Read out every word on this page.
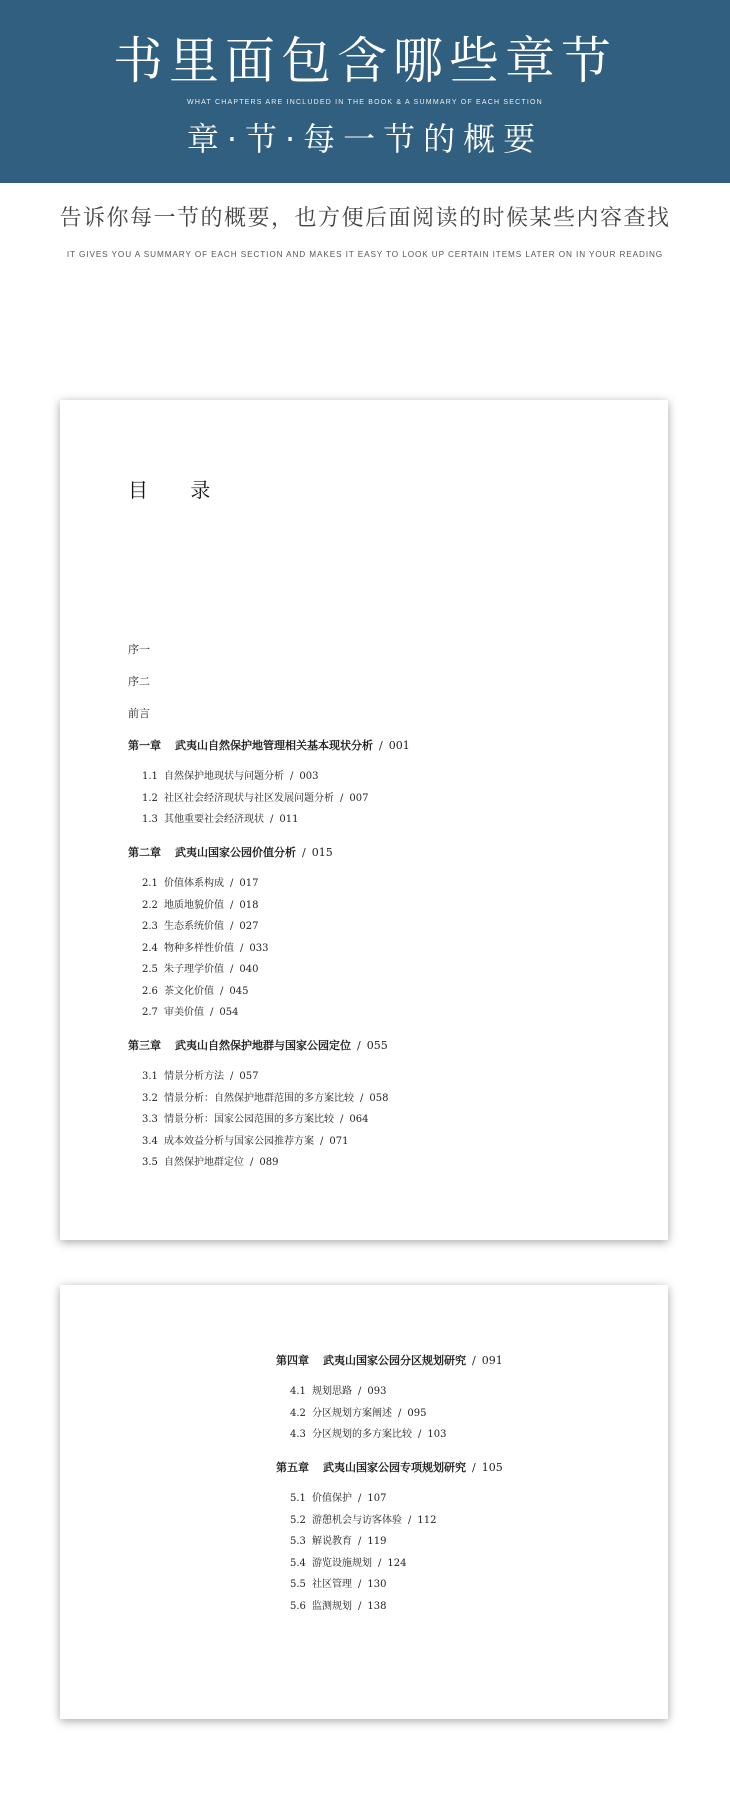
书里面包含哪些章节
WHAT CHAPTERS ARE INCLUDED IN THE BOOK & A SUMMARY OF EACH SECTION
章·节·每一节的概要
告诉你每一节的概要，也方便后面阅读的时候某些内容查找
IT GIVES YOU A SUMMARY OF EACH SECTION AND MAKES IT EASY TO LOOK UP CERTAIN ITEMS LATER ON IN YOUR READING
目 录
序一
序二
前言
第一章 武夷山自然保护地管理相关基本现状分析 / 001
1.1 自然保护地现状与问题分析 / 003
1.2 社区社会经济现状与社区发展问题分析 / 007
1.3 其他重要社会经济现状 / 011
第二章 武夷山国家公园价值分析 / 015
2.1 价值体系构成 / 017
2.2 地质地貌价值 / 018
2.3 生态系统价值 / 027
2.4 物种多样性价值 / 033
2.5 朱子理学价值 / 040
2.6 茶文化价值 / 045
2.7 审美价值 / 054
第三章 武夷山自然保护地群与国家公园定位 / 055
3.1 情景分析方法 / 057
3.2 情景分析：自然保护地群范围的多方案比较 / 058
3.3 情景分析：国家公园范围的多方案比较 / 064
3.4 成本效益分析与国家公园推荐方案 / 071
3.5 自然保护地群定位 / 089
第四章 武夷山国家公园分区规划研究 / 091
4.1 规划思路 / 093
4.2 分区规划方案阐述 / 095
4.3 分区规划的多方案比较 / 103
第五章 武夷山国家公园专项规划研究 / 105
5.1 价值保护 / 107
5.2 游憩机会与访客体验 / 112
5.3 解说教育 / 119
5.4 游览设施规划 / 124
5.5 社区管理 / 130
5.6 监测规划 / 138
